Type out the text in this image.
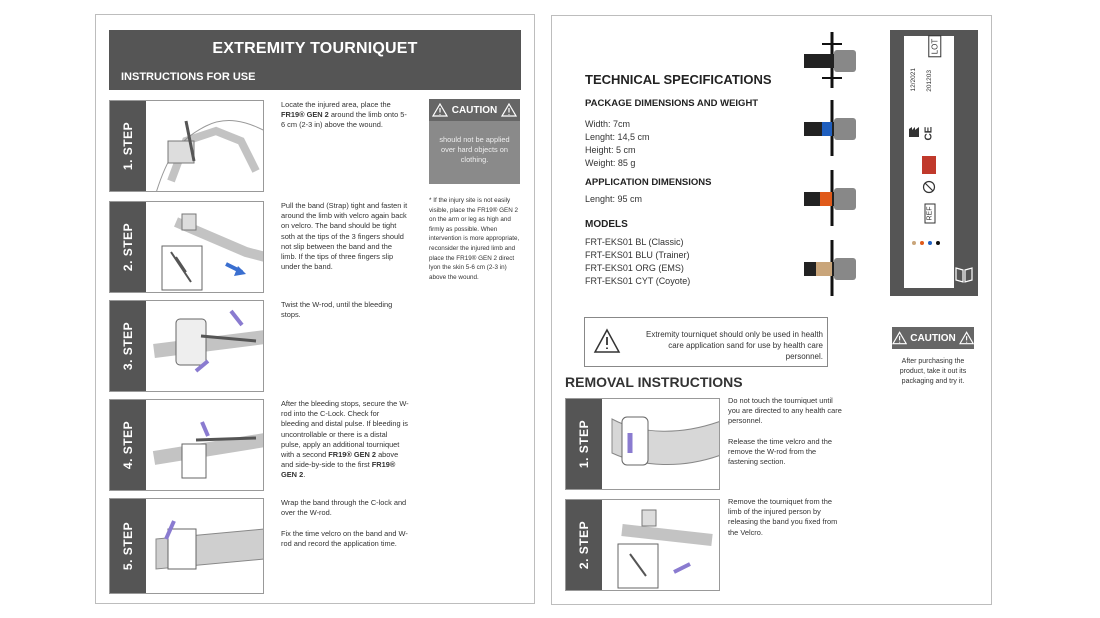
EXTREMITY TOURNIQUET
INSTRUCTIONS FOR USE
1. STEP

Locate the injured area, place the FR19® GEN 2 around the limb onto 5-6 cm (2-3 in) above the wound.

2. STEP

Pull the band (Strap) tight and fasten it around the limb with velcro again back on velcro. The band should be tight soth at the tips of the 3 fingers should not slip between the band and the limb. If the tips of three fingers slip under the band.

3. STEP

Twist the W-rod, until the bleeding stops.

4. STEP

After the bleeding stops, secure the W-rod into the C-Lock. Check for bleeding and distal pulse. If bleeding is uncontrollable or there is a distal pulse, apply an additional tourniquet with a second FR19® GEN 2 above and side-by-side to the first FR19® GEN 2.

5. STEP

Wrap the band through the C-lock and over the W-rod.

Fix the time velcro on the band and W-rod and record the application time.

CAUTION
should not be applied over hard objects on clothing.
* If the injury site is not easily visible, place the FR19® GEN 2 on the arm or leg as high and firmly as possible. When intervention is more appropriate, reconsider the injured limb and place the FR19® GEN 2 direct lyon the skin 5-6 cm (2-3 in) above the wound.
TECHNICAL SPECIFICATIONS
PACKAGE DIMENSIONS AND WEIGHT
Width: 7cm
Lenght: 14,5 cm
Height: 5 cm
Weight: 85 g
APPLICATION DIMENSIONS
Lenght: 95 cm
MODELS
FRT-EKS01 BL (Classic)
FRT-EKS01 BLU (Trainer)
FRT-EKS01 ORG (EMS)
FRT-EKS01 CYT (Coyote)
LOT
201203
12/2021
CE
REF
Extremity tourniquet should only be used in health care application sand for use by health care personnel.
CAUTION
After purchasing the product, take it out its packaging and try it.
REMOVAL INSTRUCTIONS
1. STEP

Do not touch the tourniquet until you are directed to any health care personnel.

Release the time velcro and the remove the W-rod from the fastening section.

2. STEP

Remove the tourniquet from the limb of the injured person by releasing the band you fixed from the Velcro.
